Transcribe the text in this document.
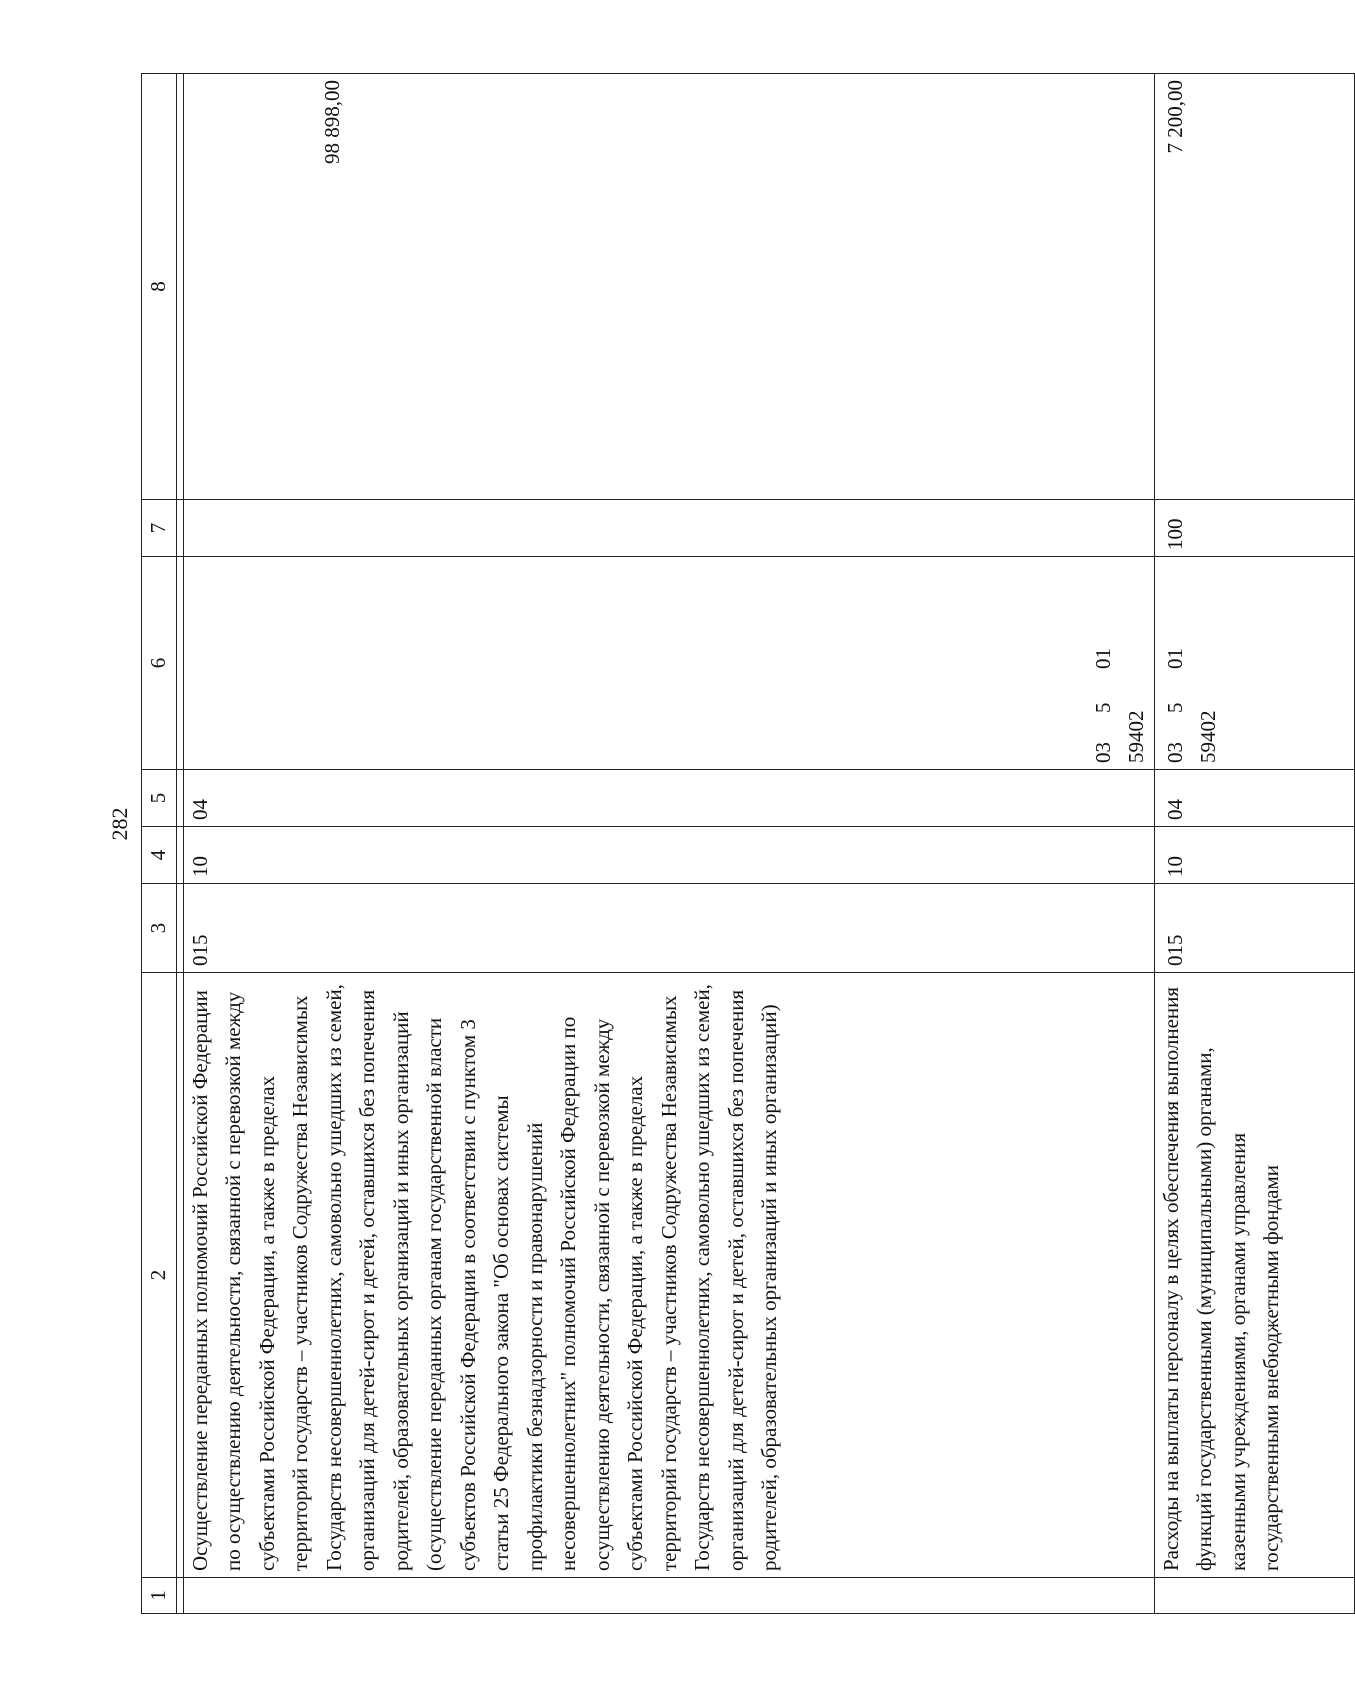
282
1	2	3	4	5	6	7	8

	Осуществление переданных полномочий Российской Федерации по осуществлению деятельности, связанной с перевозкой между субъектами Российской Федерации, а также в пределах территорий государств – участников Содружества Независимых Государств несовершеннолетних, самовольно ушедших из семей, организаций для детей-сирот и детей, оставшихся без попечения родителей, образовательных организаций и иных организаций (осуществление переданных органам государственной власти субъектов Российской Федерации в соответствии с пунктом 3 статьи 25 Федерального закона "Об основах системы профилактики безнадзорности и правонарушений несовершеннолетних" полномочий Российской Федерации по осуществлению деятельности, связанной с перевозкой между субъектами Российской Федерации, а также в пределах территорий государств – участников Содружества Независимых Государств несовершеннолетних, самовольно ушедших из семей, организаций для детей-сирот и детей, оставшихся без попечения родителей, образовательных организаций и иных организаций)	015	10	04	0350159402		98 898,00
	Расходы на выплаты персоналу в целях обеспечения выполнения функций государственными (муниципальными) органами, казенными учреждениями, органами управления государственными внебюджетными фондами	015	10	04	0350159402	100	7 200,00
